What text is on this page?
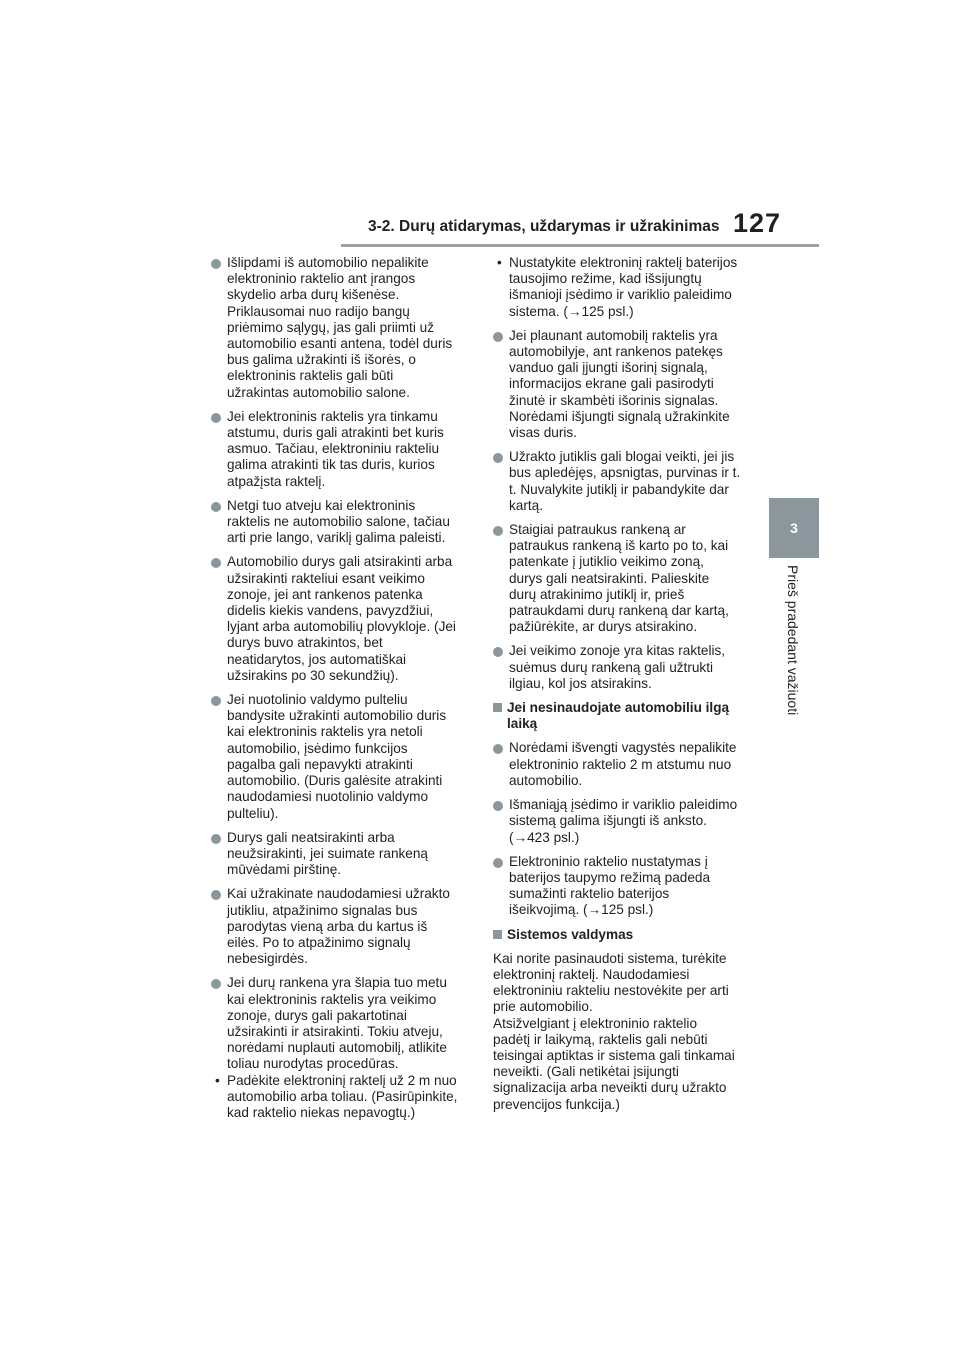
3-2. Durų atidarymas, uždarymas ir užrakinimas 127
3
Prieš pradedant važiuoti
Išlipdami iš automobilio nepalikite
elektroninio raktelio ant įrangos
skydelio arba durų kišenėse.
Priklausomai nuo radijo bangų
priėmimo sąlygų, jas gali priimti už
automobilio esanti antena, todėl duris
bus galima užrakinti iš išorės, o
elektroninis raktelis gali būti
užrakintas automobilio salone.
Jei elektroninis raktelis yra tinkamu
atstumu, duris gali atrakinti bet kuris
asmuo. Tačiau, elektroniniu rakteliu
galima atrakinti tik tas duris, kurios
atpažįsta raktelį.
Netgi tuo atveju kai elektroninis
raktelis ne automobilio salone, tačiau
arti prie lango, variklį galima paleisti.
Automobilio durys gali atsirakinti arba
užsirakinti rakteliui esant veikimo
zonoje, jei ant rankenos patenka
didelis kiekis vandens, pavyzdžiui,
lyjant arba automobilių plovykloje. (Jei
durys buvo atrakintos, bet
neatidarytos, jos automatiškai
užsirakins po 30 sekundžių).
Jei nuotolinio valdymo pulteliu
bandysite užrakinti automobilio duris
kai elektroninis raktelis yra netoli
automobilio, įsėdimo funkcijos
pagalba gali nepavykti atrakinti
automobilio. (Duris galėsite atrakinti
naudodamiesi nuotolinio valdymo
pulteliu).
Durys gali neatsirakinti arba
neužsirakinti, jei suimate rankeną
mūvėdami pirštinę.
Kai užrakinate naudodamiesi užrakto
jutikliu, atpažinimo signalas bus
parodytas vieną arba du kartus iš
eilės. Po to atpažinimo signalų
nebesigirdės.
Jei durų rankena yra šlapia tuo metu
kai elektroninis raktelis yra veikimo
zonoje, durys gali pakartotinai
užsirakinti ir atsirakinti. Tokiu atveju,
norėdami nuplauti automobilį, atlikite
toliau nurodytas procedūras.
• Padėkite elektroninį raktelį už 2 m nuo
automobilio arba toliau. (Pasirūpinkite,
kad raktelio niekas nepavogtų.)
• Nustatykite elektroninį raktelį baterijos
tausojimo režime, kad išsijungtų
išmanioji įsėdimo ir variklio paleidimo
sistema. (→125 psl.)
Jei plaunant automobilį raktelis yra
automobilyje, ant rankenos patekęs
vanduo gali įjungti išorinį signalą,
informacijos ekrane gali pasirodyti
žinutė ir skambėti išorinis signalas.
Norėdami išjungti signalą užrakinkite
visas duris.
Užrakto jutiklis gali blogai veikti, jei jis
bus apledėjęs, apsnigtas, purvinas ir t.
t. Nuvalykite jutiklį ir pabandykite dar
kartą.
Staigiai patraukus rankeną ar
patraukus rankeną iš karto po to, kai
patenkate į jutiklio veikimo zoną,
durys gali neatsirakinti. Palieskite
durų atrakinimo jutiklį ir, prieš
patraukdami durų rankeną dar kartą,
pažiūrėkite, ar durys atsirakino.
Jei veikimo zonoje yra kitas raktelis,
suėmus durų rankeną gali užtrukti
ilgiau, kol jos atsirakins.
Jei nesinaudojate automobiliu ilgą
laiką
Norėdami išvengti vagystės nepalikite
elektroninio raktelio 2 m atstumu nuo
automobilio.
Išmaniąją įsėdimo ir variklio paleidimo
sistemą galima išjungti iš anksto.
(→423 psl.)
Elektroninio raktelio nustatymas į
baterijos taupymo režimą padeda
sumažinti raktelio baterijos
išeikvojimą. (→125 psl.)
Sistemos valdymas

Kai norite pasinaudoti sistema, turėkite
elektroninį raktelį. Naudodamiesi
elektroniniu rakteliu nestovėkite per arti
prie automobilio.
Atsižvelgiant į elektroninio raktelio
padėtį ir laikymą, raktelis gali nebūti
teisingai aptiktas ir sistema gali tinkamai
neveikti. (Gali netikėtai įsijungti
signalizacija arba neveikti durų užrakto
prevencijos funkcija.)
